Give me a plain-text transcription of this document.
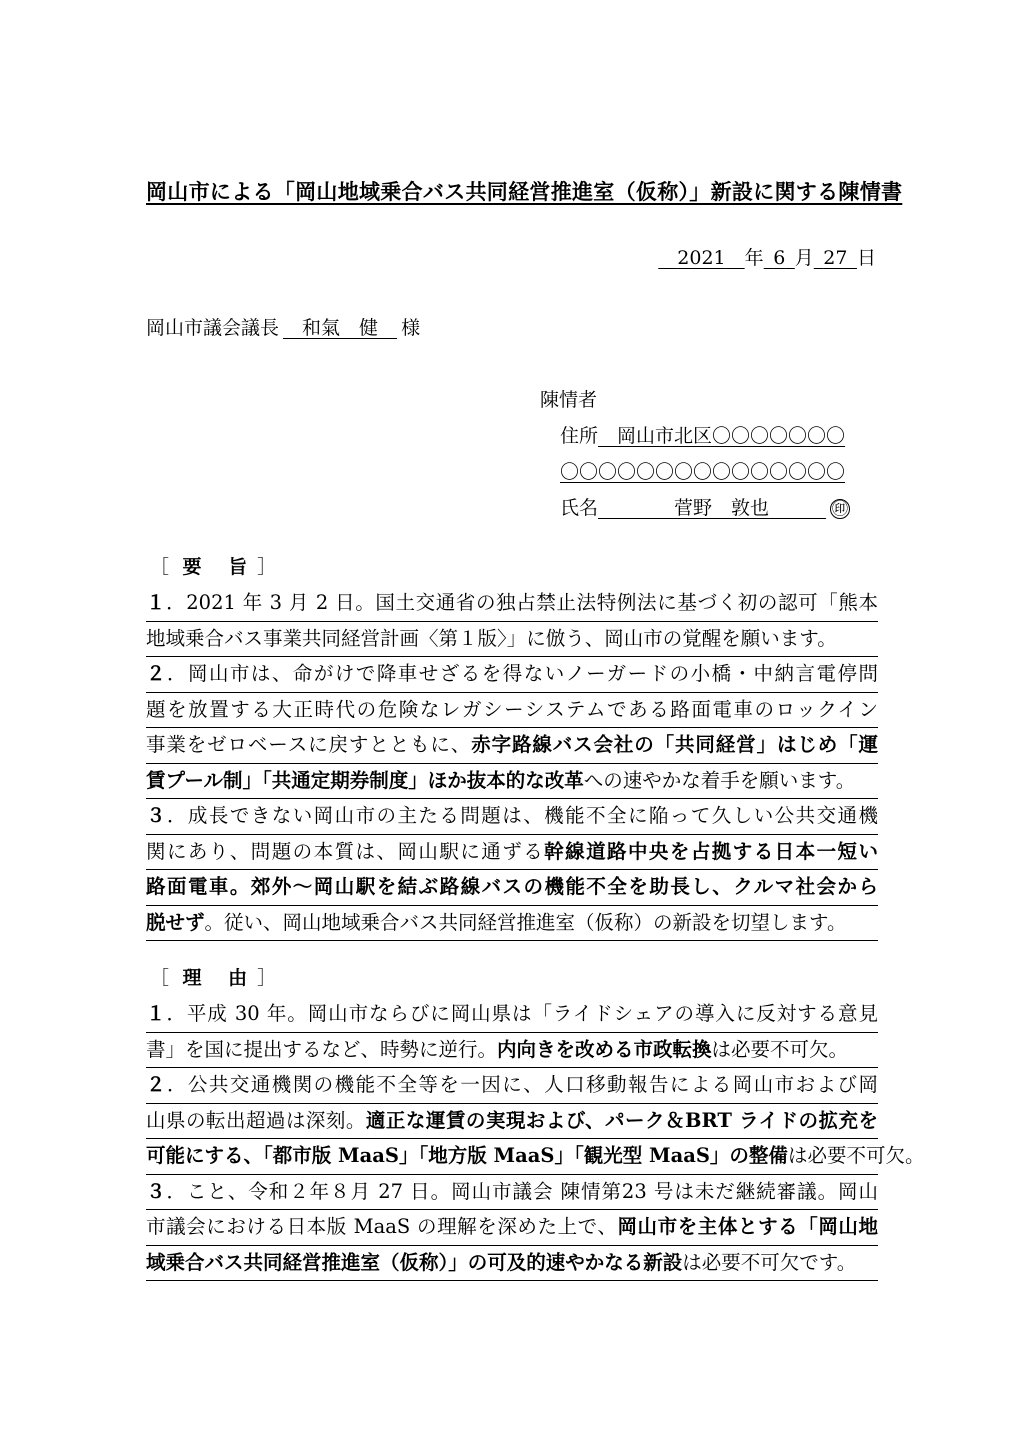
岡山市による「岡山地域乗合バス共同経営推進室（仮称）」新設に関する陳情書
　2021　 年  6  月  27  日
岡山市議会議長　 和氣　健　 様
陳情者
住所　 岡山市北区〇〇〇〇〇〇〇
〇〇〇〇〇〇〇〇〇〇〇〇〇〇〇
氏名　　　　	菅野　敦也　　　	㊞
［  要 旨］
１．2021 年 3 月 2 日。国土交通省の独占禁止法特例法に基づく初の認可「熊本
地域乗合バス事業共同経営計画〈第１版〉」に倣う、岡山市の覚醒を願います。
２．岡山市は、命がけで降車せざるを得ないノーガードの小橋・中納言電停問
題を放置する大正時代の危険なレガシーシステムである路面電車のロックイン
事業をゼロベースに戻すとともに、赤字路線バス会社の「共同経営」はじめ「運
賃プール制」「共通定期券制度」ほか抜本的な改革への速やかな着手を願います。
３．成長できない岡山市の主たる問題は、機能不全に陥って久しい公共交通機
関にあり、問題の本質は、岡山駅に通ずる幹線道路中央を占拠する日本一短い
路面電車。郊外～岡山駅を結ぶ路線バスの機能不全を助長し、クルマ社会から
脱せず。従い、岡山地域乗合バス共同経営推進室（仮称）の新設を切望します。
［  理 由］
１．平成 30 年。岡山市ならびに岡山県は「ライドシェアの導入に反対する意見
書」を国に提出するなど、時勢に逆行。内向きを改める市政転換は必要不可欠。
２．公共交通機関の機能不全等を一因に、人口移動報告による岡山市および岡
山県の転出超過は深刻。適正な運賃の実現および、パーク＆BRT ライドの拡充を
可能にする、「都市版 MaaS」「地方版 MaaS」「観光型 MaaS」の整備は必要不可欠。
３．こと、令和２年８月 27 日。岡山市議会 陳情第23 号は未だ継続審議。岡山
市議会における日本版 MaaS の理解を深めた上で、岡山市を主体とする「岡山地
域乗合バス共同経営推進室（仮称）」の可及的速やかなる新設は必要不可欠です。
